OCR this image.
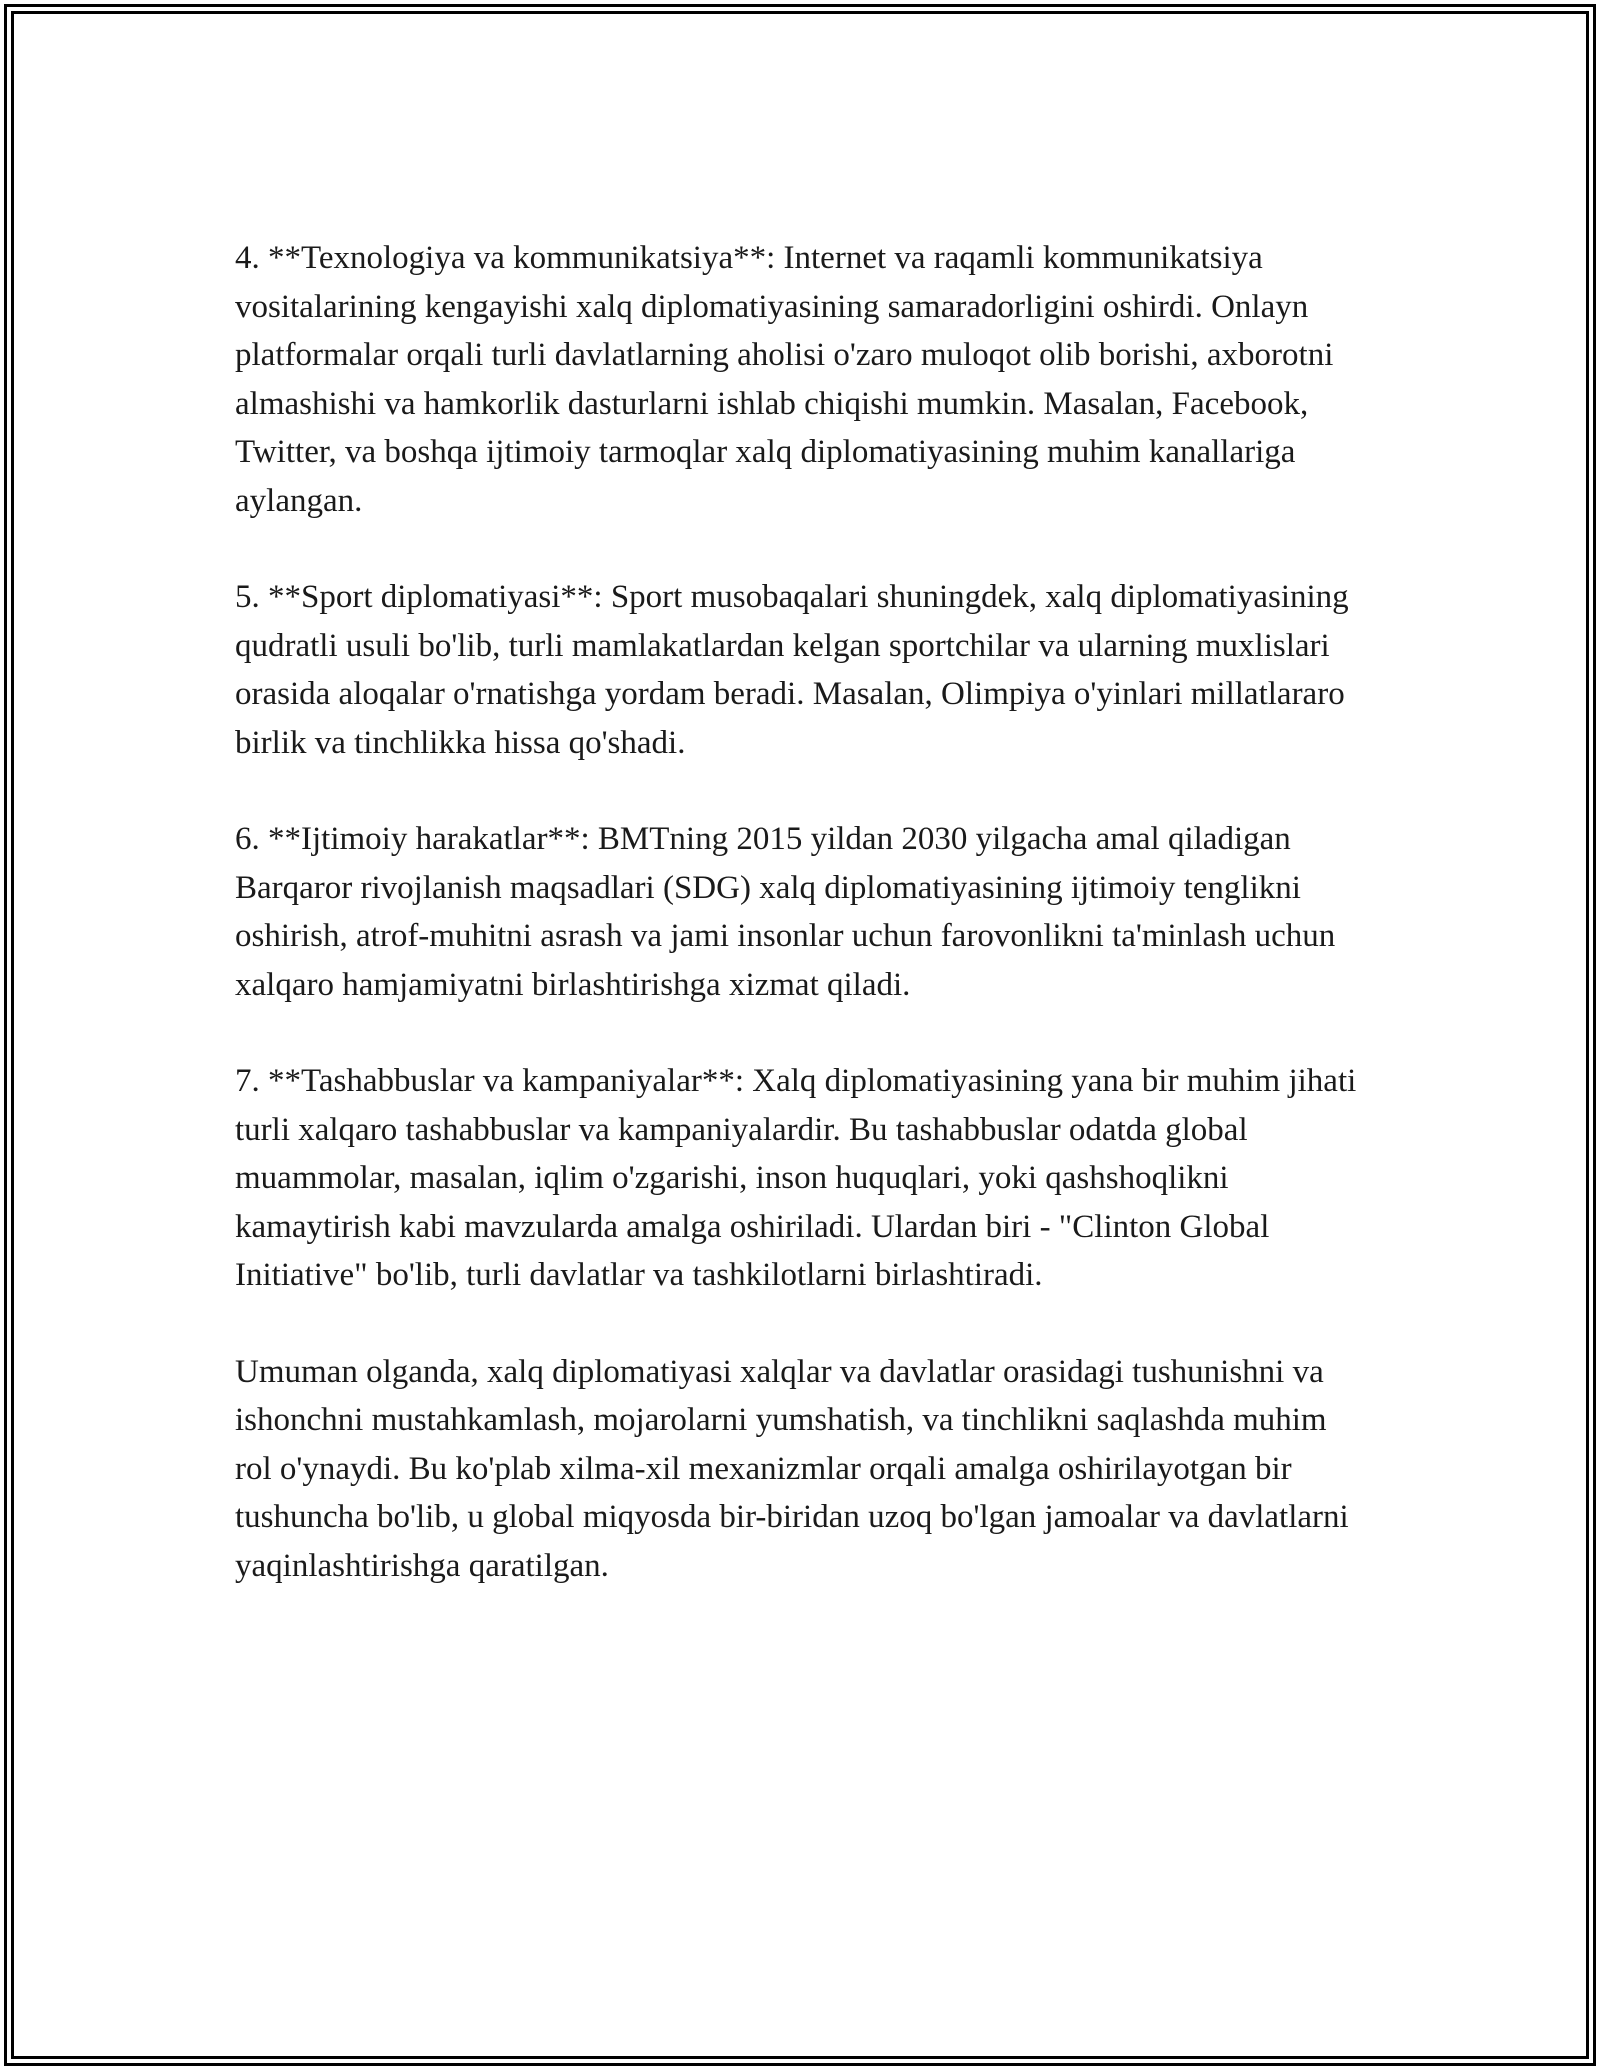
4. **Texnologiya va kommunikatsiya**: Internet va raqamli kommunikatsiya vositalarining kengayishi xalq diplomatiyasining samaradorligini oshirdi. Onlayn platformalar orqali turli davlatlarning aholisi o'zaro muloqot olib borishi, axborotni almashishi va hamkorlik dasturlarni ishlab chiqishi mumkin. Masalan, Facebook, Twitter, va boshqa ijtimoiy tarmoqlar xalq diplomatiyasining muhim kanallariga aylangan.

5. **Sport diplomatiyasi**: Sport musobaqalari shuningdek, xalq diplomatiyasining qudratli usuli bo'lib, turli mamlakatlardan kelgan sportchilar va ularning muxlislari orasida aloqalar o'rnatishga yordam beradi. Masalan, Olimpiya o'yinlari millatlararo birlik va tinchlikka hissa qo'shadi.

6. **Ijtimoiy harakatlar**: BMTning 2015 yildan 2030 yilgacha amal qiladigan Barqaror rivojlanish maqsadlari (SDG) xalq diplomatiyasining ijtimoiy tenglikni oshirish, atrof-muhitni asrash va jami insonlar uchun farovonlikni ta'minlash uchun xalqaro hamjamiyatni birlashtirishga xizmat qiladi.

7. **Tashabbuslar va kampaniyalar**: Xalq diplomatiyasining yana bir muhim jihati turli xalqaro tashabbuslar va kampaniyalardir. Bu tashabbuslar odatda global muammolar, masalan, iqlim o'zgarishi, inson huquqlari, yoki qashshoqlikni kamaytirish kabi mavzularda amalga oshiriladi. Ulardan biri - "Clinton Global Initiative" bo'lib, turli davlatlar va tashkilotlarni birlashtiradi.

Umuman olganda, xalq diplomatiyasi xalqlar va davlatlar orasidagi tushunishni va ishonchni mustahkamlash, mojarolarni yumshatish, va tinchlikni saqlashda muhim rol o'ynaydi. Bu ko'plab xilma-xil mexanizmlar orqali amalga oshirilayotgan bir tushuncha bo'lib, u global miqyosda bir-biridan uzoq bo'lgan jamoalar va davlatlarni yaqinlashtirishga qaratilgan.
